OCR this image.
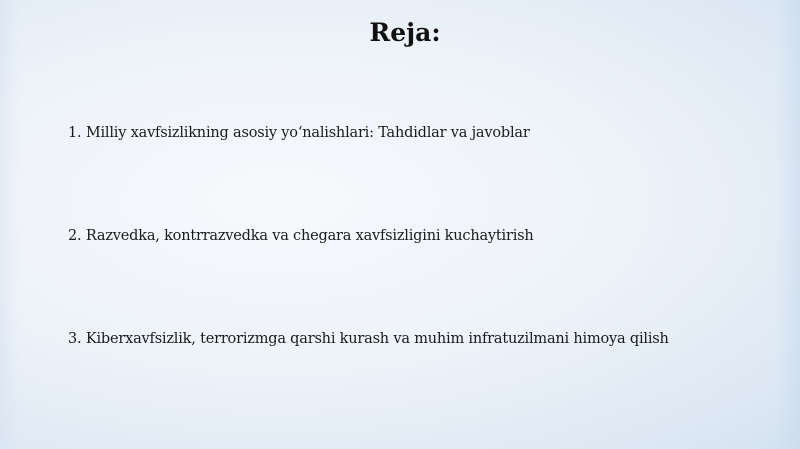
Reja:
1. Milliy xavfsizlikning asosiy yoʻnalishlari: Tahdidlar va javoblar
2. Razvedka, kontrrazvedka va chegara xavfsizligini kuchaytirish
3. Kiberxavfsizlik, terrorizmga qarshi kurash va muhim infratuzilmani himoya qilish
